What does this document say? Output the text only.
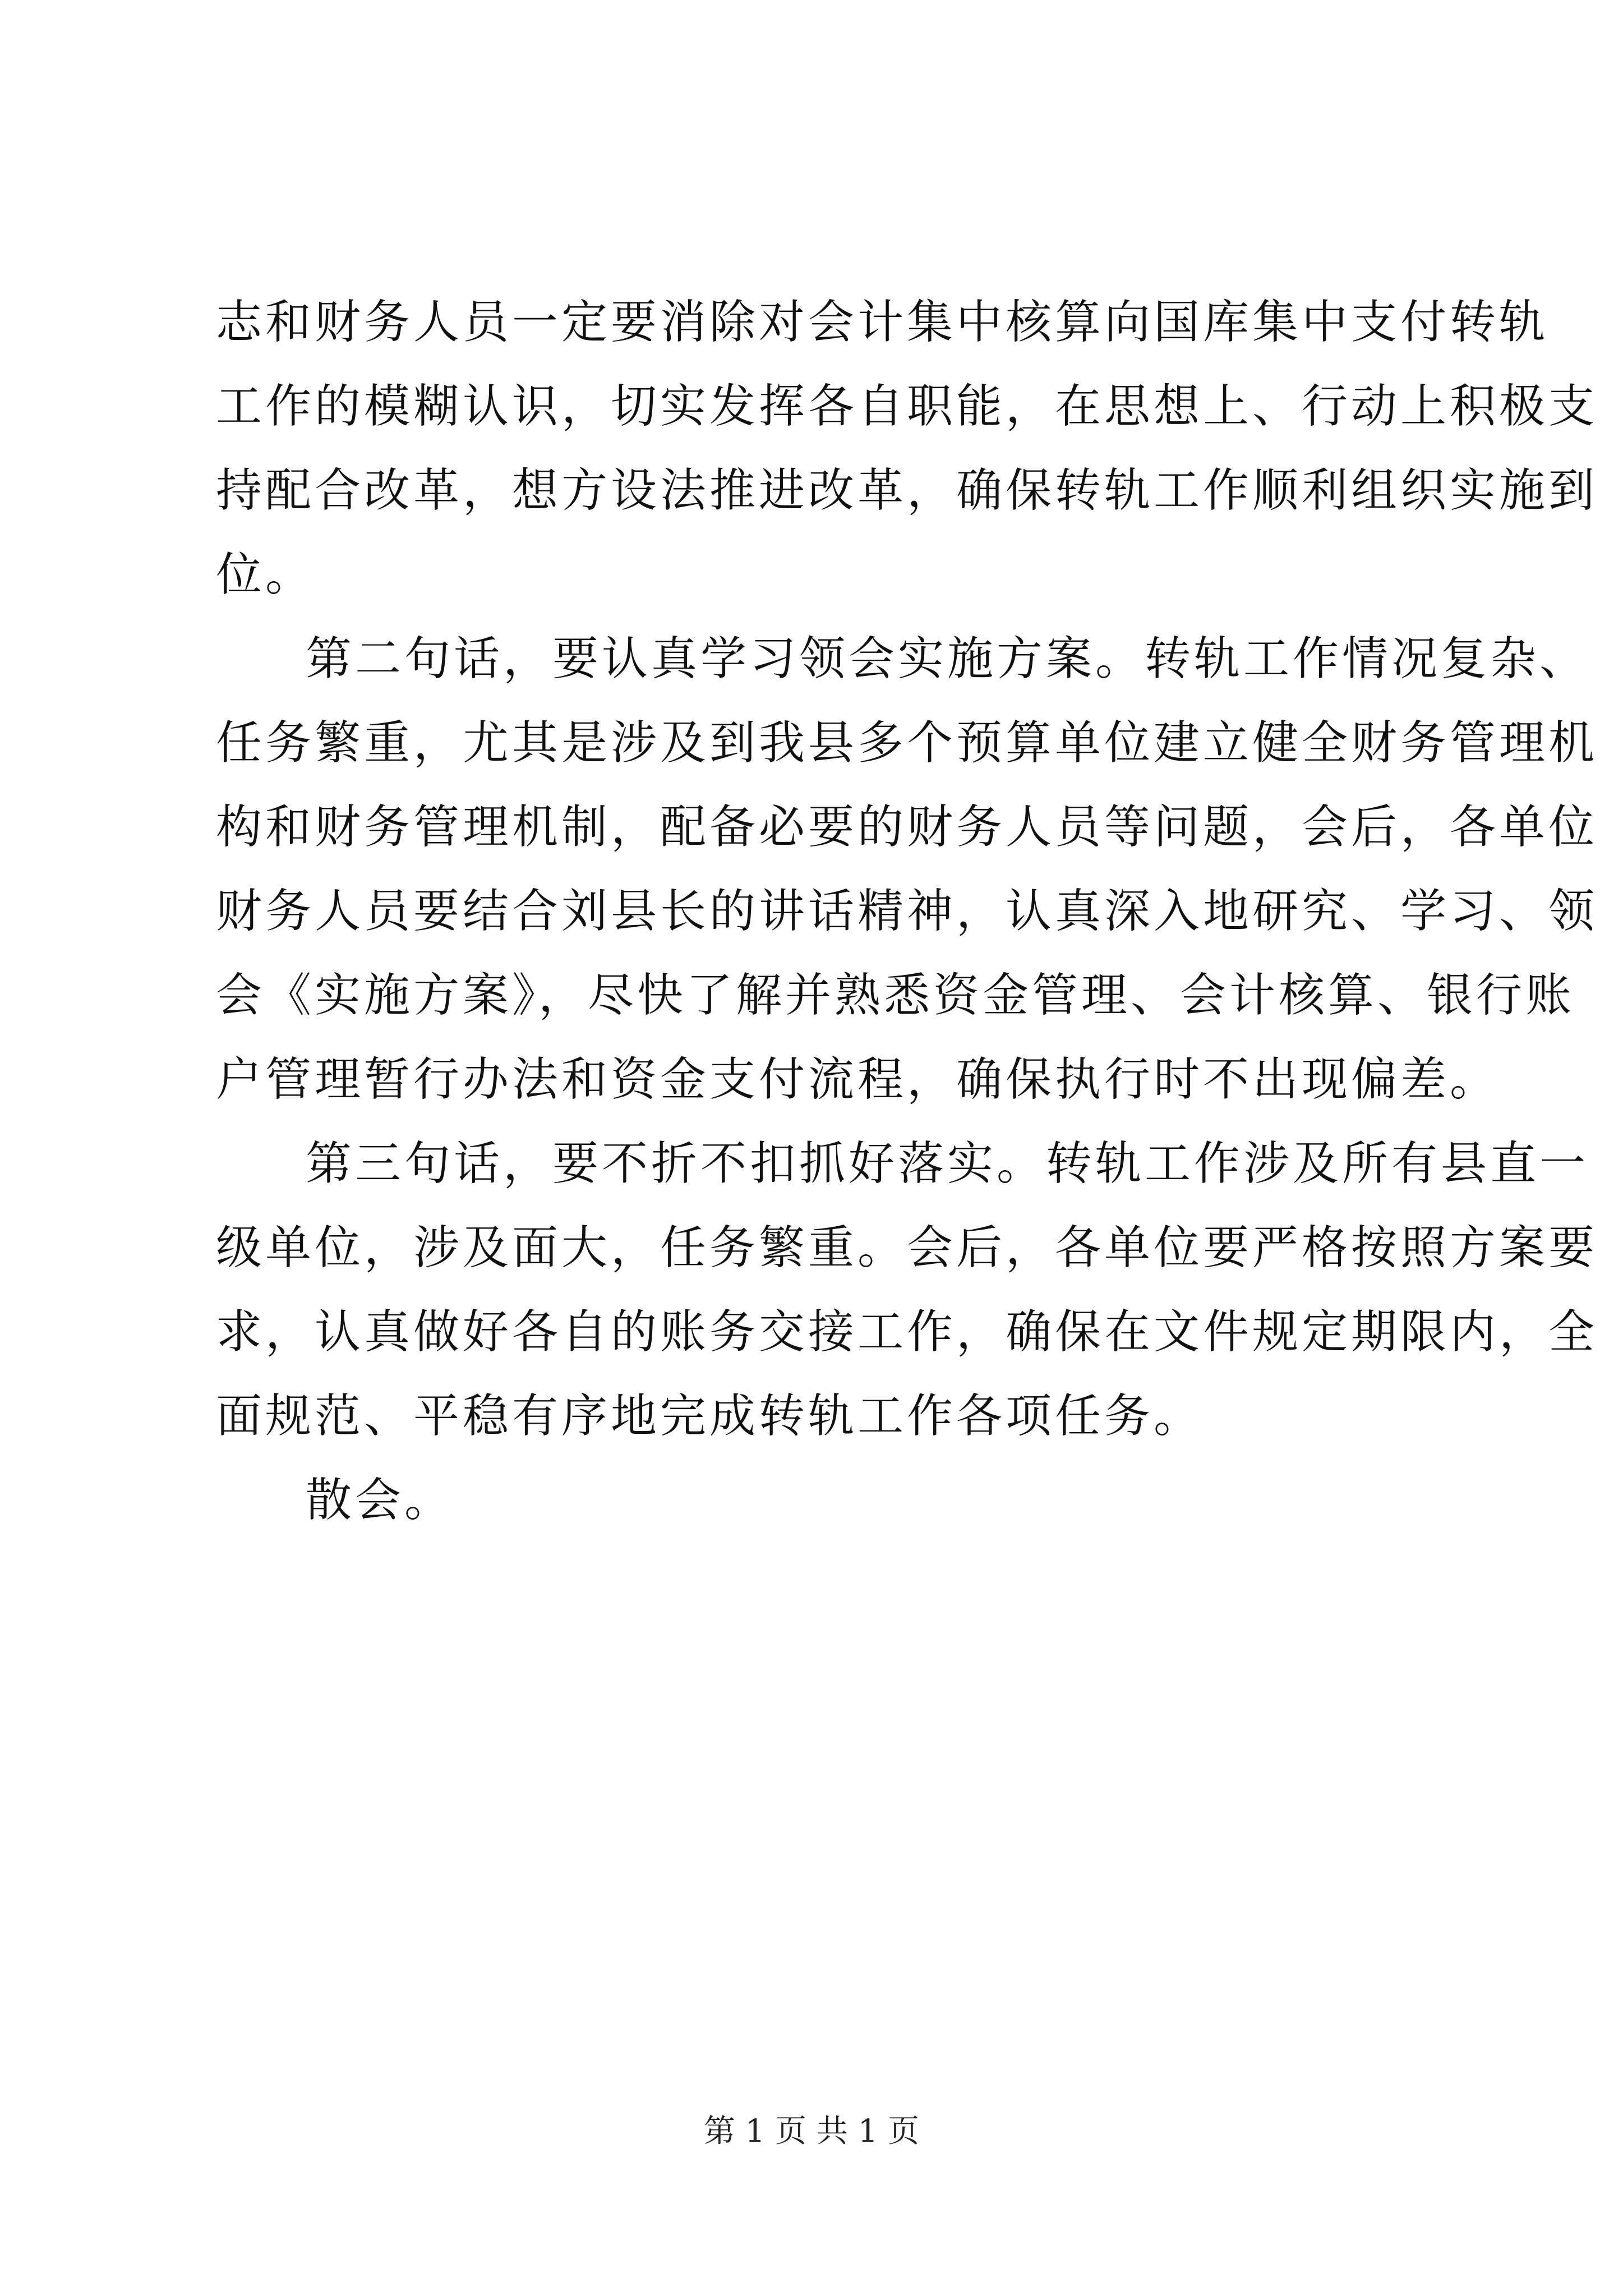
志和财务人员一定要消除对会计集中核算向国库集中支付转轨
工作的模糊认识，切实发挥各自职能，在思想上、行动上积极支
持配合改革，想方设法推进改革，确保转轨工作顺利组织实施到
位。
第二句话，要认真学习领会实施方案。转轨工作情况复杂、
任务繁重，尤其是涉及到我县多个预算单位建立健全财务管理机
构和财务管理机制，配备必要的财务人员等问题，会后，各单位
财务人员要结合刘县长的讲话精神，认真深入地研究、学习、领
会《实施方案》，尽快了解并熟悉资金管理、会计核算、银行账
户管理暂行办法和资金支付流程，确保执行时不出现偏差。
第三句话，要不折不扣抓好落实。转轨工作涉及所有县直一
级单位，涉及面大，任务繁重。会后，各单位要严格按照方案要
求，认真做好各自的账务交接工作，确保在文件规定期限内，全
面规范、平稳有序地完成转轨工作各项任务。
散会。
第 1 页 共 1 页
